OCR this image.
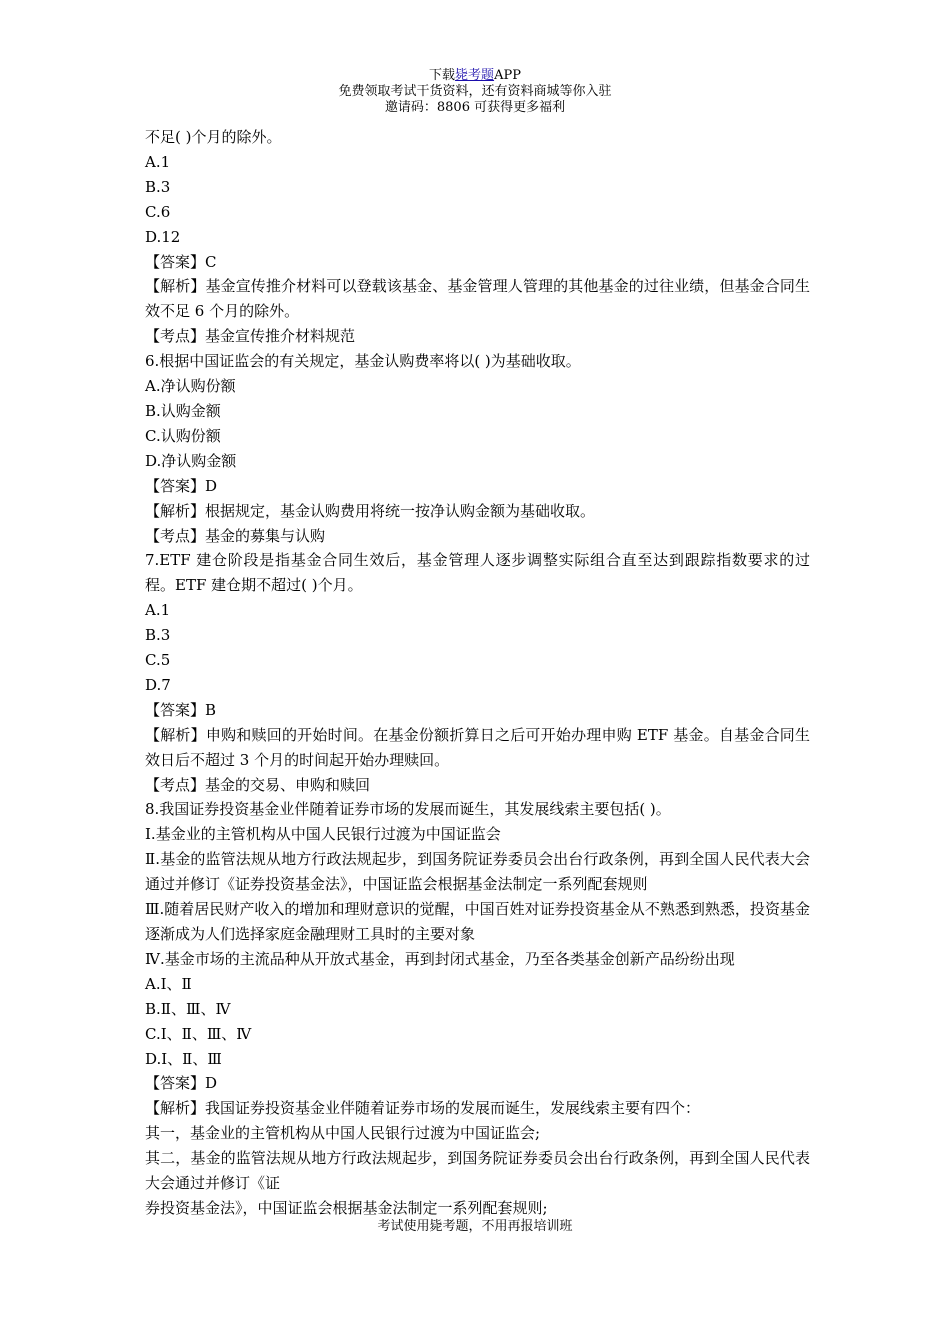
下载毙考题APP
免费领取考试干货资料，还有资料商城等你入驻
邀请码：8806 可获得更多福利

不足( )个月的除外。

A.1

B.3

C.6

D.12

【答案】C

【解析】基金宣传推介材料可以登载该基金、基金管理人管理的其他基金的过往业绩，但基金合同生效不足 6 个月的除外。

【考点】基金宣传推介材料规范

6.根据中国证监会的有关规定，基金认购费率将以( )为基础收取。

A.净认购份额

B.认购金额

C.认购份额

D.净认购金额

【答案】D

【解析】根据规定，基金认购费用将统一按净认购金额为基础收取。

【考点】基金的募集与认购

7.ETF 建仓阶段是指基金合同生效后，基金管理人逐步调整实际组合直至达到跟踪指数要求的过程。ETF 建仓期不超过( )个月。

A.1

B.3

C.5

D.7

【答案】B

【解析】申购和赎回的开始时间。在基金份额折算日之后可开始办理申购 ETF 基金。自基金合同生效日后不超过 3 个月的时间起开始办理赎回。

【考点】基金的交易、申购和赎回

8.我国证券投资基金业伴随着证券市场的发展而诞生，其发展线索主要包括( )。

Ⅰ.基金业的主管机构从中国人民银行过渡为中国证监会

Ⅱ.基金的监管法规从地方行政法规起步，到国务院证券委员会出台行政条例，再到全国人民代表大会通过并修订《证券投资基金法》，中国证监会根据基金法制定一系列配套规则

Ⅲ.随着居民财产收入的增加和理财意识的觉醒，中国百姓对证券投资基金从不熟悉到熟悉，投资基金逐渐成为人们选择家庭金融理财工具时的主要对象

Ⅳ.基金市场的主流品种从开放式基金，再到封闭式基金，乃至各类基金创新产品纷纷出现

A.Ⅰ、Ⅱ

B.Ⅱ、Ⅲ、Ⅳ

C.Ⅰ、Ⅱ、Ⅲ、Ⅳ

D.Ⅰ、Ⅱ、Ⅲ

【答案】D

【解析】我国证券投资基金业伴随着证券市场的发展而诞生，发展线索主要有四个：

其一，基金业的主管机构从中国人民银行过渡为中国证监会;

其二，基金的监管法规从地方行政法规起步，到国务院证券委员会出台行政条例，再到全国人民代表大会通过并修订《证

券投资基金法》，中国证监会根据基金法制定一系列配套规则;

考试使用毙考题，不用再报培训班
